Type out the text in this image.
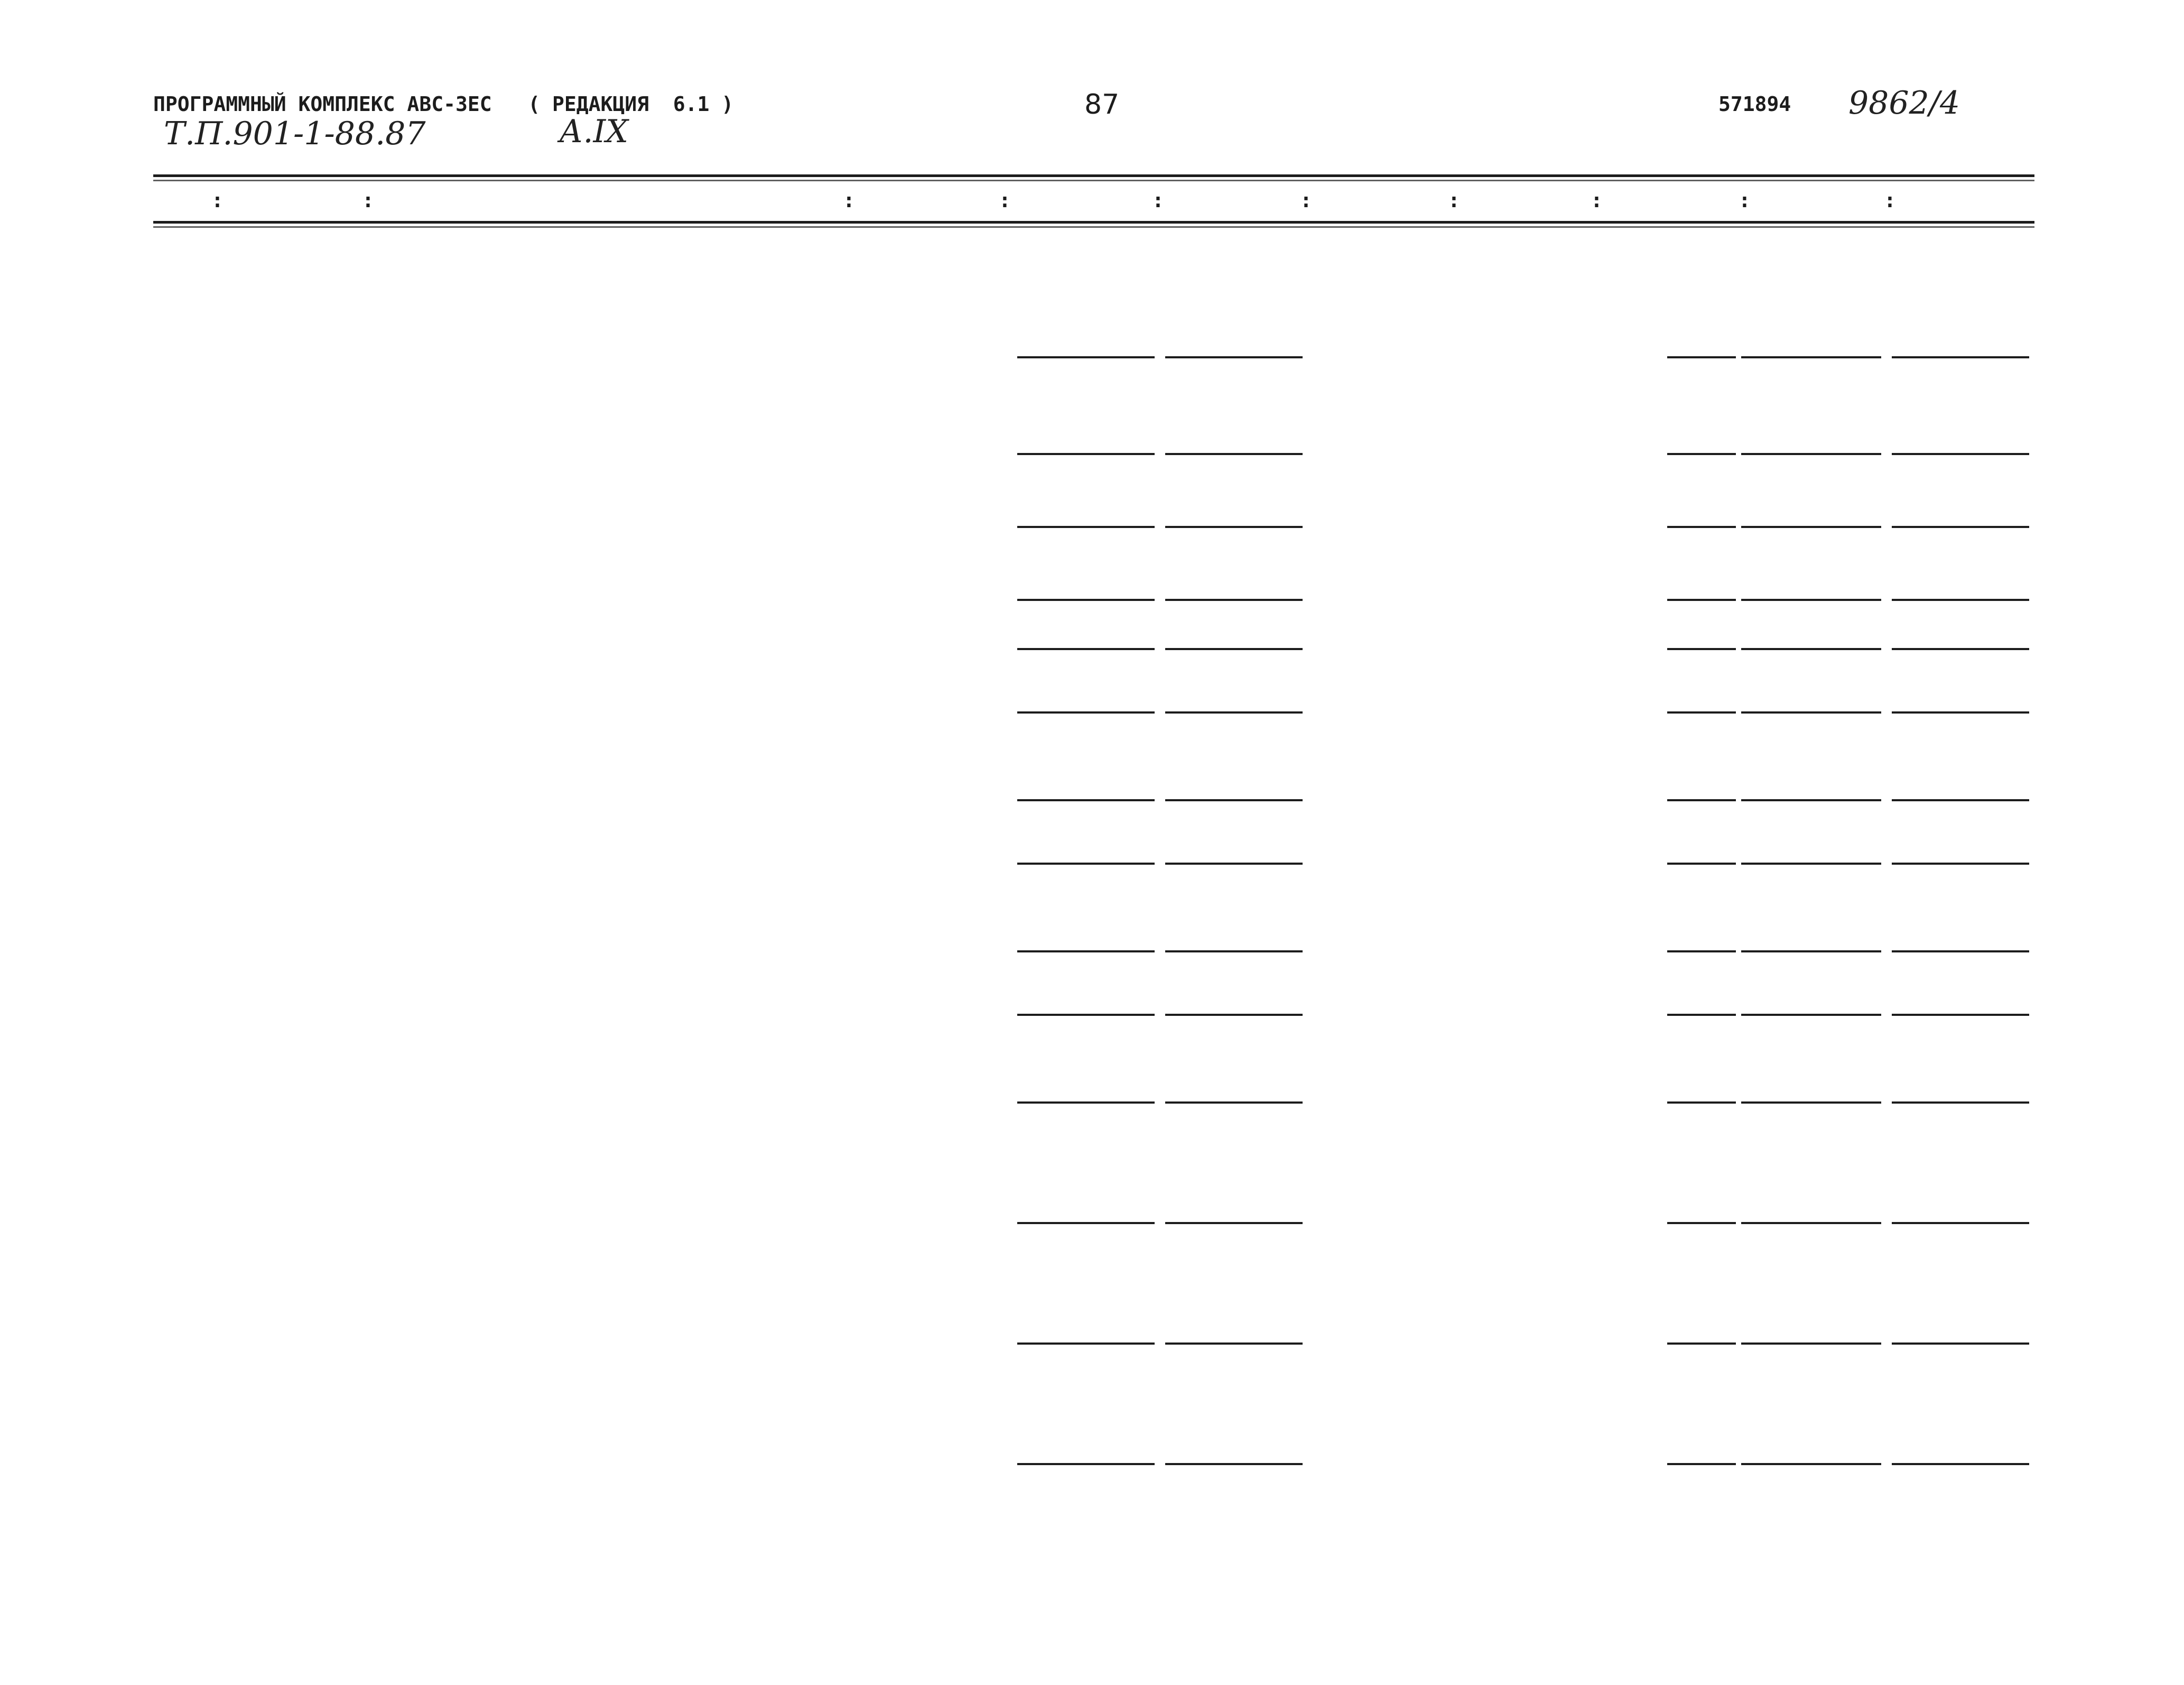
ПРОГРАММНЫЙ КОМПЛЕКС АВС-3ЕС   ( РЕДАКЦИЯ  6.1 )	87	571894 9862/4
Т.П.901-1-88.87	А.IX
:	:	:	:	:	:	:	:	:	:
